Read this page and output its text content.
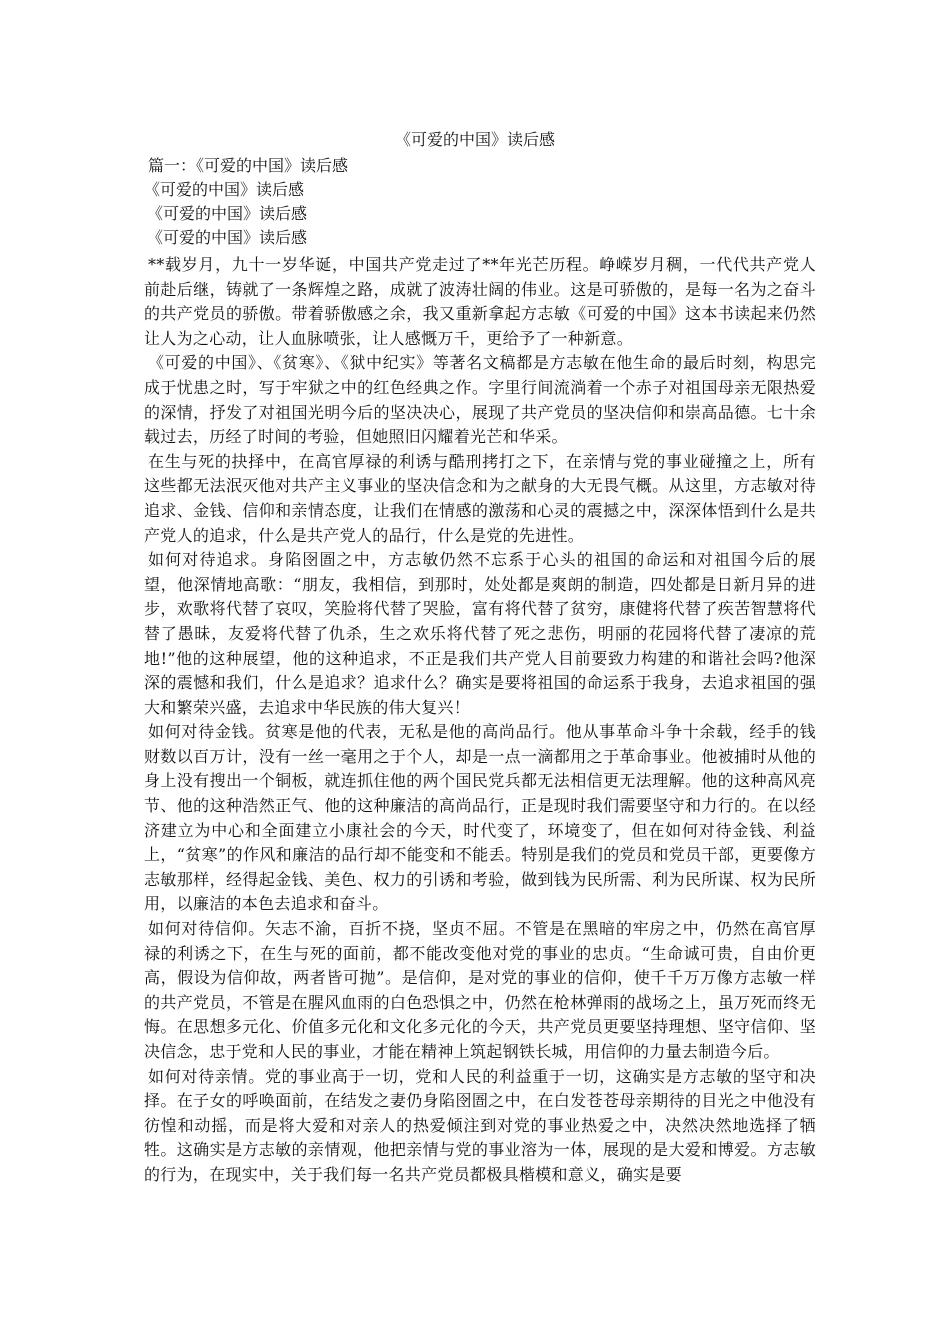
《可爱的中国》读后感
篇一：《可爱的中国》读后感
《可爱的中国》读后感
《可爱的中国》读后感
《可爱的中国》读后感

**载岁月，九十一岁华诞，中国共产党走过了**年光芒历程。峥嵘岁月稠，一代代共产党人前赴后继，铸就了一条辉煌之路，成就了波涛壮阔的伟业。这是可骄傲的，是每一名为之奋斗的共产党员的骄傲。带着骄傲感之余，我又重新拿起方志敏《可爱的中国》这本书读起来仍然让人为之心动，让人血脉喷张，让人感慨万千，更给予了一种新意。

《可爱的中国》、《贫寒》、《狱中纪实》等著名文稿都是方志敏在他生命的最后时刻，构思完成于忧患之时，写于牢狱之中的红色经典之作。字里行间流淌着一个赤子对祖国母亲无限热爱的深情，抒发了对祖国光明今后的坚决决心，展现了共产党员的坚决信仰和崇高品德。七十余载过去，历经了时间的考验，但她照旧闪耀着光芒和华采。

在生与死的抉择中，在高官厚禄的利诱与酷刑拷打之下，在亲情与党的事业碰撞之上，所有这些都无法泯灭他对共产主义事业的坚决信念和为之献身的大无畏气概。从这里，方志敏对待追求、金钱、信仰和亲情态度，让我们在情感的激荡和心灵的震撼之中，深深体悟到什么是共产党人的追求，什么是共产党人的品行，什么是党的先进性。

如何对待追求。身陷囹圄之中，方志敏仍然不忘系于心头的祖国的命运和对祖国今后的展望，他深情地高歌：“朋友，我相信，到那时，处处都是爽朗的制造，四处都是日新月异的进步，欢歌将代替了哀叹，笑脸将代替了哭脸，富有将代替了贫穷，康健将代替了疾苦智慧将代替了愚昧，友爱将代替了仇杀，生之欢乐将代替了死之悲伤，明丽的花园将代替了凄凉的荒地!”他的这种展望，他的这种追求，不正是我们共产党人目前要致力构建的和谐社会吗?他深深的震憾和我们，什么是追求？追求什么？确实是要将祖国的命运系于我身，去追求祖国的强大和繁荣兴盛，去追求中华民族的伟大复兴！

如何对待金钱。贫寒是他的代表，无私是他的高尚品行。他从事革命斗争十余载，经手的钱财数以百万计，没有一丝一毫用之于个人，却是一点一滴都用之于革命事业。他被捕时从他的身上没有搜出一个铜板，就连抓住他的两个国民党兵都无法相信更无法理解。他的这种高风亮节、他的这种浩然正气、他的这种廉洁的高尚品行，正是现时我们需要坚守和力行的。在以经济建立为中心和全面建立小康社会的今天，时代变了，环境变了，但在如何对待金钱、利益上，“贫寒”的作风和廉洁的品行却不能变和不能丢。特别是我们的党员和党员干部，更要像方志敏那样，经得起金钱、美色、权力的引诱和考验，做到钱为民所需、利为民所谋、权为民所用，以廉洁的本色去追求和奋斗。

如何对待信仰。矢志不渝，百折不挠，坚贞不屈。不管是在黑暗的牢房之中，仍然在高官厚禄的利诱之下，在生与死的面前，都不能改变他对党的事业的忠贞。“生命诚可贵，自由价更高，假设为信仰故，两者皆可抛”。是信仰，是对党的事业的信仰，使千千万万像方志敏一样的共产党员，不管是在腥风血雨的白色恐惧之中，仍然在枪林弹雨的战场之上，虽万死而终无悔。在思想多元化、价值多元化和文化多元化的今天，共产党员更要坚持理想、坚守信仰、坚决信念，忠于党和人民的事业，才能在精神上筑起钢铁长城，用信仰的力量去制造今后。

如何对待亲情。党的事业高于一切，党和人民的利益重于一切，这确实是方志敏的坚守和决择。在子女的呼唤面前，在结发之妻仍身陷囹圄之中，在白发苍苍母亲期待的目光之中他没有彷惶和动摇，而是将大爱和对亲人的热爱倾注到对党的事业热爱之中，决然决然地选择了牺牲。这确实是方志敏的亲情观，他把亲情与党的事业溶为一体，展现的是大爱和博爱。方志敏的行为，在现实中，关于我们每一名共产党员都极具楷模和意义，确实是要
